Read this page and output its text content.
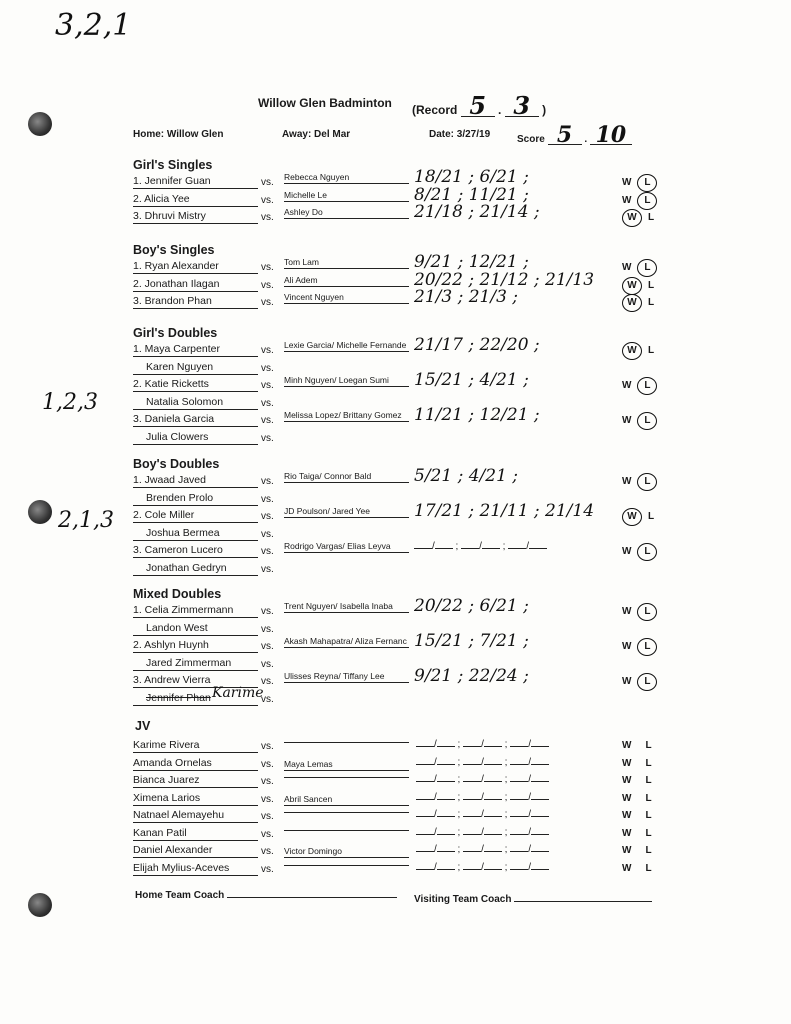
3,2,1
Willow Glen Badminton (Record 5 . 3 )
Home: Willow Glen	Away: Del Mar	Date: 3/27/19	Score 5 . 10
Girl's Singles
1. Jennifer Guan	vs. Rebecca Nguyen	18/21 ; 6/21 ;	W L
2. Alicia Yee	vs. Michelle Le	8/21 ; 11/21 ;	W L
3. Dhruvi Mistry	vs. Ashley Do	21/18 ; 21/14 ;	W L
Boy's Singles
1. Ryan Alexander	vs. Tom Lam	9/21 ; 12/21 ;	W L
2. Jonathan Ilagan	vs. Ali Adem	20/22 ; 21/12 ; 21/13	W L
3. Brandon Phan	vs. Vincent Nguyen	21/3 ; 21/3 ;	W L
Girl's Doubles
1. Maya Carpenter	vs.
Karen Nguyen	vs.
Lexie Garcia/ Michelle Fernande 21/17 ; 22/20 ;	W L
2. Katie Ricketts	vs.
Natalia Solomon	vs.
Minh Nguyen/ Loegan Sumi	15/21 ; 4/21 ;	W L
3. Daniela Garcia	vs.
Julia Clowers	vs.
Melissa Lopez/ Brittany Gomez 11/21 ; 12/21 ;	W L
Boy's Doubles
1. Jwaad Javed	vs.
Brenden Prolo	vs.
Rio Taiga/ Connor Bald	5/21 ; 4/21 ;	W L
2. Cole Miller	vs.
Joshua Bermea	vs.
JD Poulson/ Jared Yee	17/21 ; 21/11 ; 21/14	W L
3. Cameron Lucero	vs.
Jonathan Gedryn	vs.
Rodrigo Vargas/ Elias Leyva	/ ; / ; /	W L
Mixed Doubles
1. Celia Zimmermann	vs.
Landon West	vs.
Trent Nguyen/ Isabella Inaba	20/22 ; 6/21 ;	W L
2. Ashlyn Huynh	vs.
Jared Zimmerman	vs.
Akash Mahapatra/ Aliza Fernanc 15/21 ; 7/21 ;	W L
3. Andrew Vierra	vs.
Jennifer Phan	vs.
Ulisses Reyna/ Tiffany Lee	9/21 ; 22/24 ;	W L
1,2,3
2,1,3
JV
Karime Rivera	vs.	/ ; / ; /	W L
Amanda Ornelas	vs. Maya Lemas	/ ; / ; /	W L
Bianca Juarez	vs.	/ ; / ; /	W L
Ximena Larios	vs. Abril Sancen	/ ; / ; /	W L
Natnael Alemayehu	vs.	/ ; / ; /	W L
Kanan Patil	vs.	/ ; / ; /	W L
Daniel Alexander	vs. Victor Domingo	/ ; / ; /	W L
Elijah Mylius-Aceves	vs.	/ ; / ; /	W L
Home Team Coach	Visiting Team Coach
Karime
